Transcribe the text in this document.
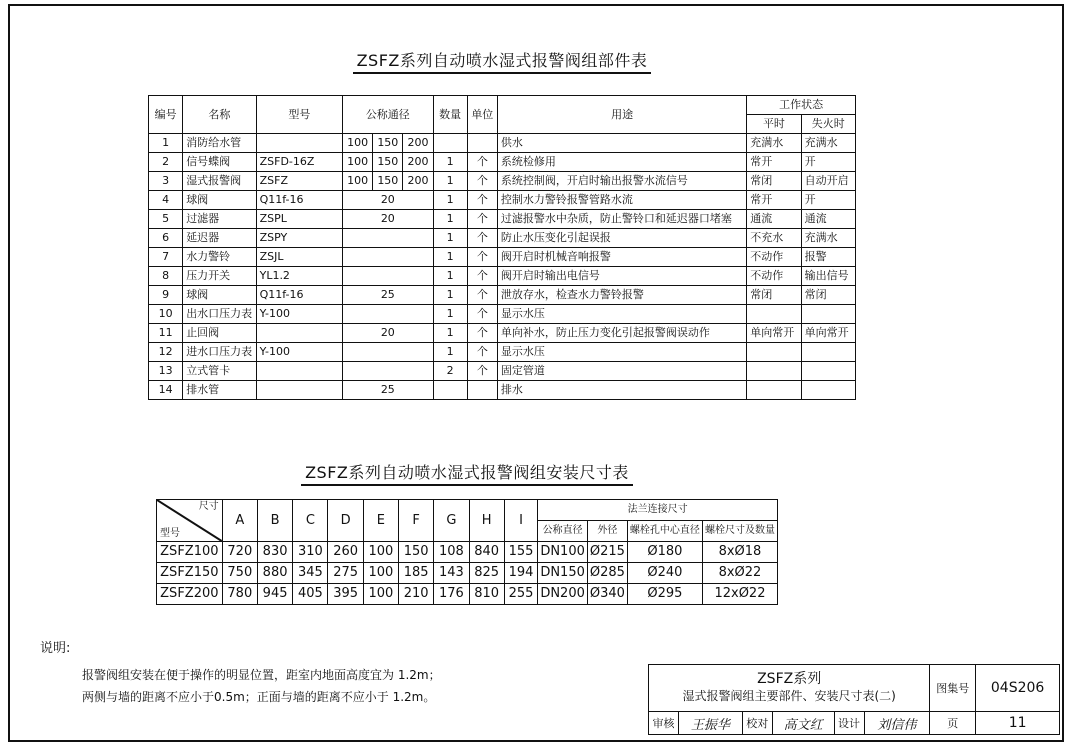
ZSFZ系列自动喷水湿式报警阀组部件表
编号	名称	型号	公称通径			数量	单位	用途	工作状态	
									平时	失火时
1	消防给水管		100	150	200			供水	充满水	充满水
2	信号蝶阀	ZSFD-16Z	100	150	200	1	个	系统检修用	常开	开
3	湿式报警阀	ZSFZ	100	150	200	1	个	系统控制阀，开启时输出报警水流信号	常闭	自动开启
4	球阀	Q11f-16	20			1	个	控制水力警铃报警管路水流	常开	开
5	过滤器	ZSPL	20			1	个	过滤报警水中杂质，防止警铃口和延迟器口堵塞	通流	通流
6	延迟器	ZSPY				1	个	防止水压变化引起误报	不充水	充满水
7	水力警铃	ZSJL				1	个	阀开启时机械音响报警	不动作	报警
8	压力开关	YL1.2				1	个	阀开启时输出电信号	不动作	输出信号
9	球阀	Q11f-16	25			1	个	泄放存水，检查水力警铃报警	常闭	常闭
10	出水口压力表	Y-100				1	个	显示水压		
11	止回阀		20			1	个	单向补水，防止压力变化引起报警阀误动作	单向常开	单向常开
12	进水口压力表	Y-100				1	个	显示水压		
13	立式管卡					2	个	固定管道		
14	排水管		25					排水		
ZSFZ系列自动喷水湿式报警阀组安装尺寸表
尺寸
型号	A	B	C	D	E	F	G	H	I	法兰连接尺寸			
										公称直径	外径	螺栓孔中心直径	螺栓尺寸及数量
ZSFZ100	720	830	310	260	100	150	108	840	155	DN100	Ø215	Ø180	8xØ18
ZSFZ150	750	880	345	275	100	185	143	825	194	DN150	Ø285	Ø240	8xØ22
ZSFZ200	780	945	405	395	100	210	176	810	255	DN200	Ø340	Ø295	12xØ22
说明:
报警阀组安装在便于操作的明显位置，距室内地面高度宜为 1.2m；
两侧与墙的距离不应小于0.5m；正面与墙的距离不应小于 1.2m。
ZSFZ系列
湿式报警阀组主要部件、安装尺寸表(二)						图集号	04S206

审核	王振华	校对	高文红	设计	刘信伟	页	11
